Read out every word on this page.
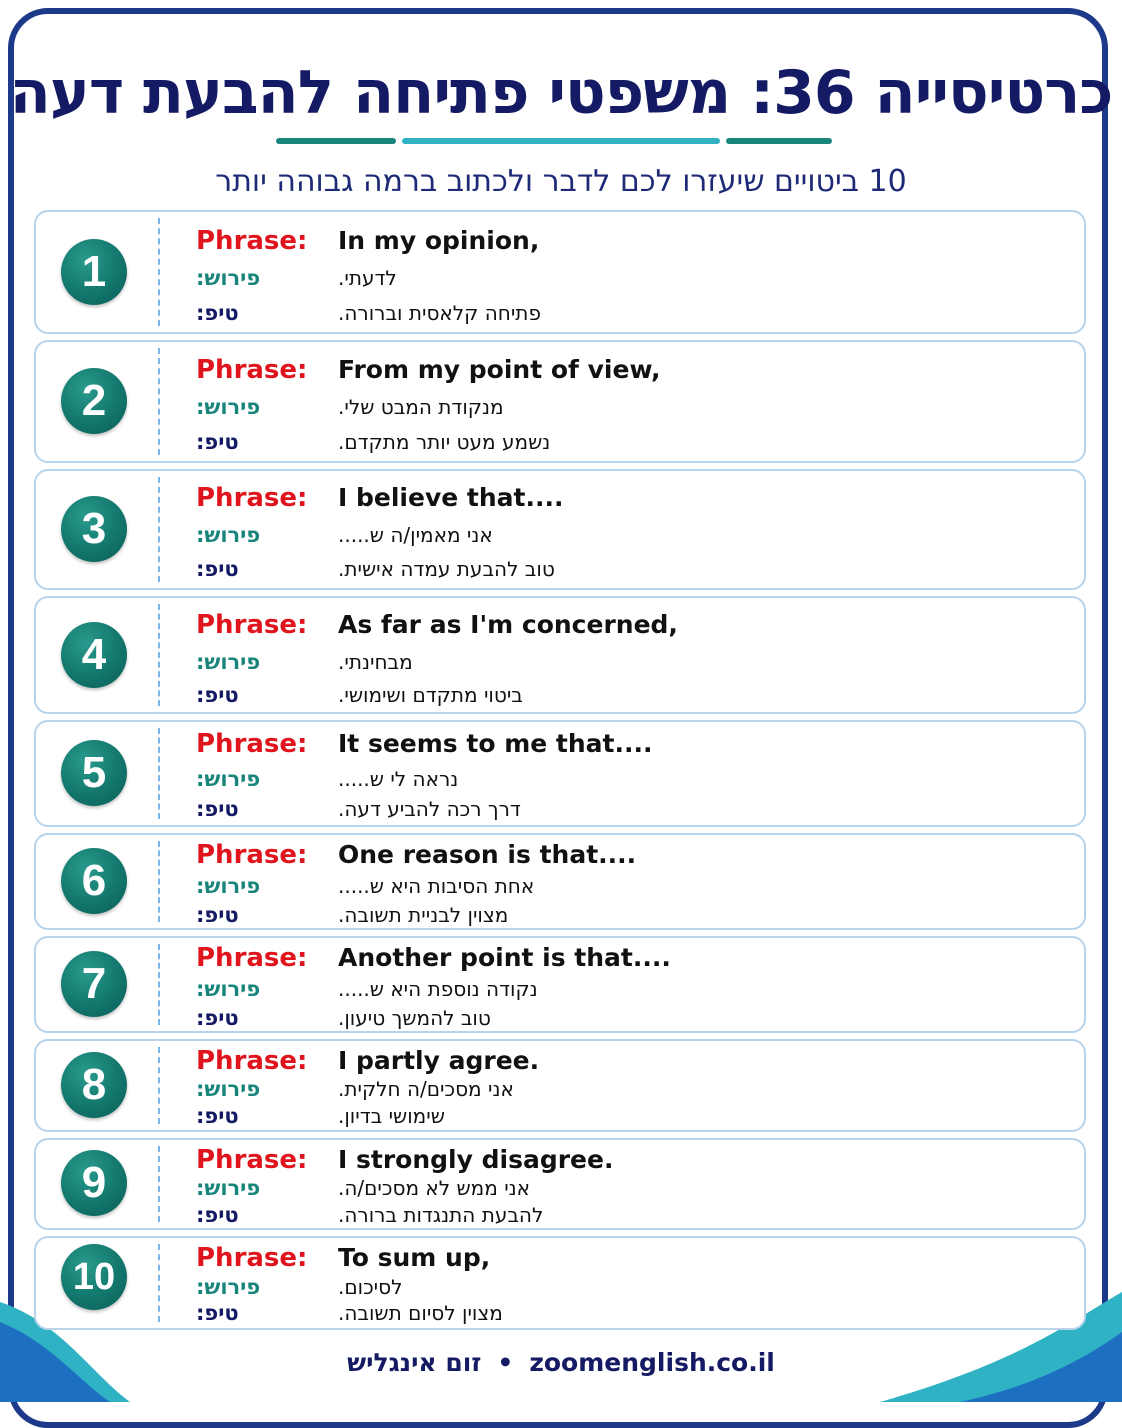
כרטיסייה 36: משפטי פתיחה להבעת דעה
10 ביטויים שיעזרו לכם לדבר ולכתוב ברמה גבוהה יותר
1
Phrase: In my opinion,
פירוש:	לדעתי.
טיפ:	פתיחה קלאסית וברורה.
2
Phrase: From my point of view,
פירוש:	מנקודת המבט שלי.
טיפ:	נשמע מעט יותר מתקדם.
3
Phrase: I believe that....
פירוש:	אני מאמין/ה ש.....
טיפ:	טוב להבעת עמדה אישית.
4
Phrase: As far as I'm concerned,
פירוש:	מבחינתי.
טיפ:	ביטוי מתקדם ושימושי.
5
Phrase: It seems to me that....
פירוש:	נראה לי ש.....
טיפ:	דרך רכה להביע דעה.
6
Phrase: One reason is that....
פירוש:	אחת הסיבות היא ש.....
טיפ:	מצוין לבניית תשובה.
7
Phrase: Another point is that....
פירוש:	נקודה נוספת היא ש.....
טיפ:	טוב להמשך טיעון.
8	Phrase: I partly agree.
פירוש:	אני מסכים/ה חלקית.
טיפ:	שימושי בדיון.
9	Phrase: I strongly disagree.
פירוש:	אני ממש לא מסכים/ה.
טיפ:	להבעת התנגדות ברורה.
10	Phrase: To sum up,
פירוש:	לסיכום.
טיפ:	מצוין לסיום תשובה.
זום אינגליש • zoomenglish.co.il
